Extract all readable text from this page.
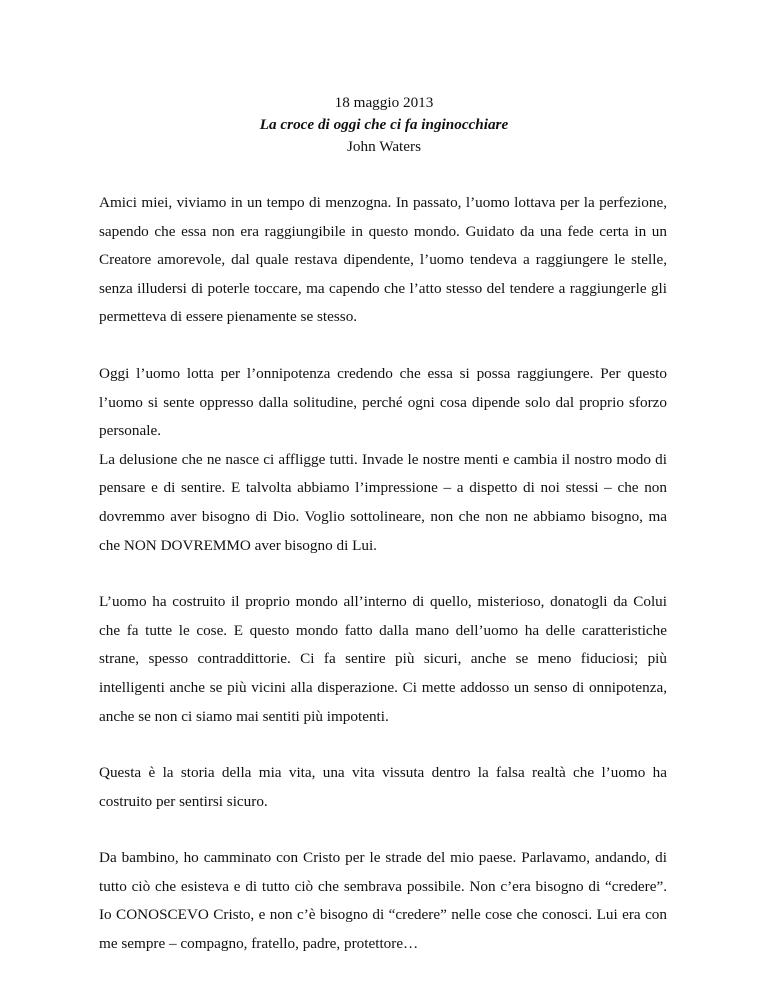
18 maggio 2013
La croce di oggi che ci fa inginocchiare
John Waters

Amici miei, viviamo in un tempo di menzogna. In passato, l’uomo lottava per la perfezione, sapendo che essa non era raggiungibile in questo mondo. Guidato da una fede certa in un Creatore amorevole, dal quale restava dipendente, l’uomo tendeva a raggiungere le stelle, senza illudersi di poterle toccare, ma capendo che l’atto stesso del tendere a raggiungerle gli permetteva di essere pienamente se stesso.

Oggi l’uomo lotta per l’onnipotenza credendo che essa si possa raggiungere. Per questo l’uomo si sente oppresso dalla solitudine, perché ogni cosa dipende solo dal proprio sforzo personale.

La delusione che ne nasce ci affligge tutti. Invade le nostre menti e cambia il nostro modo di pensare e di sentire. E talvolta abbiamo l’impressione – a dispetto di noi stessi – che non dovremmo aver bisogno di Dio. Voglio sottolineare, non che non ne abbiamo bisogno, ma che NON DOVREMMO aver bisogno di Lui.

L’uomo ha costruito il proprio mondo all’interno di quello, misterioso, donatogli da Colui che fa tutte le cose. E questo mondo fatto dalla mano dell’uomo ha delle caratteristiche strane, spesso contraddittorie. Ci fa sentire più sicuri, anche se meno fiduciosi; più intelligenti anche se più vicini alla disperazione. Ci mette addosso un senso di onnipotenza, anche se non ci siamo mai sentiti più impotenti.

Questa è la storia della mia vita, una vita vissuta dentro la falsa realtà che l’uomo ha costruito per sentirsi sicuro.

Da bambino, ho camminato con Cristo per le strade del mio paese. Parlavamo, andando, di tutto ciò che esisteva e di tutto ciò che sembrava possibile. Non c’era bisogno di “credere”. Io CONOSCEVO Cristo, e non c’è bisogno di “credere” nelle cose che conosci. Lui era con me sempre – compagno, fratello, padre, protettore…
